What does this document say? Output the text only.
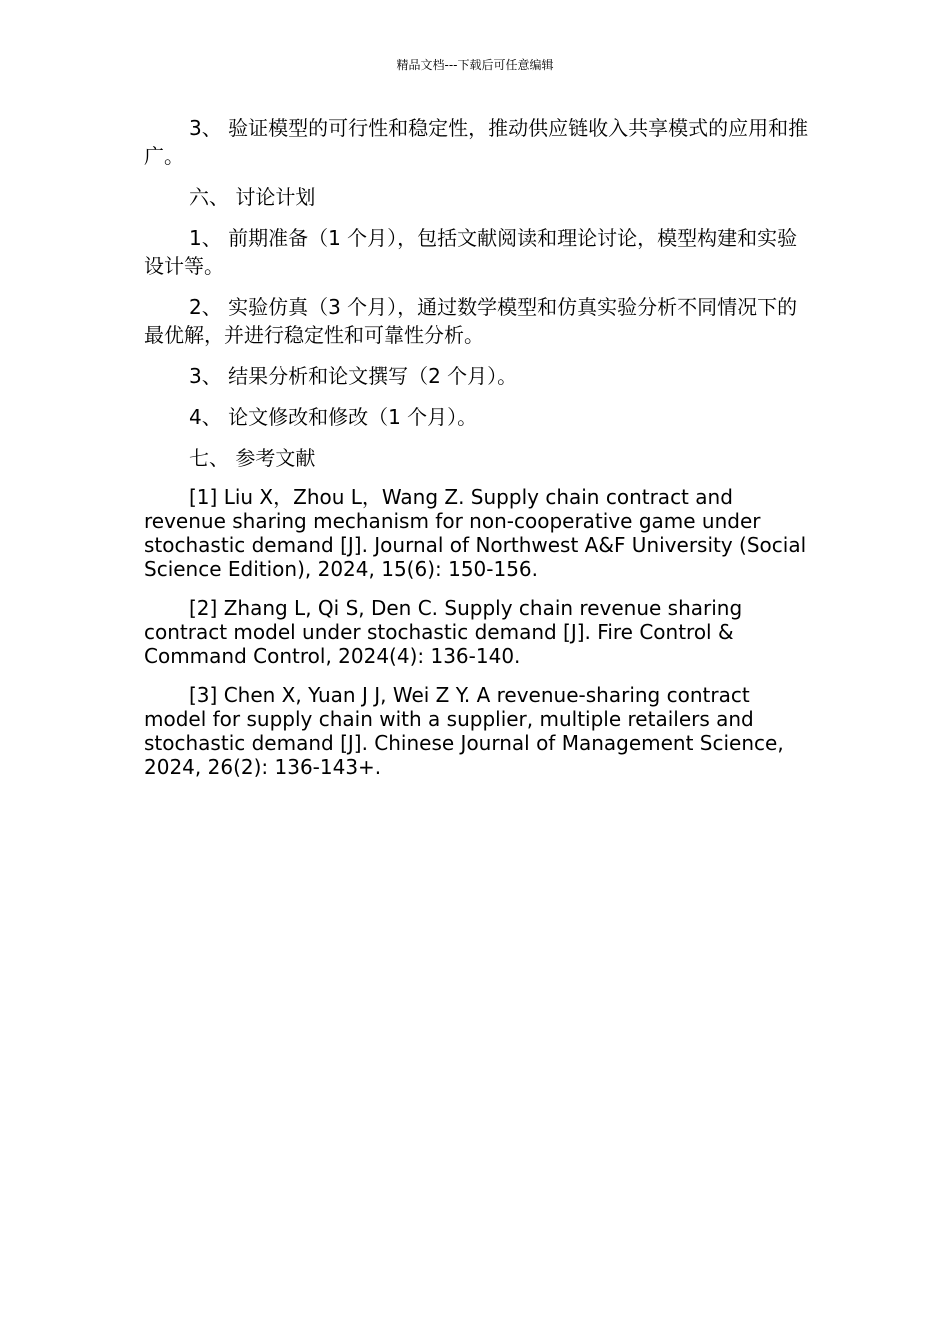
精品文档---下载后可任意编辑

3、 验证模型的可行性和稳定性，推动供应链收入共享模式的应用和推广。

六、 讨论计划

1、 前期准备（1 个月），包括文献阅读和理论讨论，模型构建和实验设计等。

2、 实验仿真（3 个月），通过数学模型和仿真实验分析不同情况下的最优解，并进行稳定性和可靠性分析。

3、 结果分析和论文撰写（2 个月）。

4、 论文修改和修改（1 个月）。

七、 参考文献

[1] Liu X，Zhou L，Wang Z. Supply chain contract and revenue sharing mechanism for non-cooperative game under stochastic demand [J]. Journal of Northwest A&F University (Social Science Edition), 2024, 15(6): 150-156.

[2] Zhang L, Qi S, Den C. Supply chain revenue sharing contract model under stochastic demand [J]. Fire Control & Command Control, 2024(4): 136-140.

[3] Chen X, Yuan J J, Wei Z Y. A revenue-sharing contract model for supply chain with a supplier, multiple retailers and stochastic demand [J]. Chinese Journal of Management Science, 2024, 26(2): 136-143+.
